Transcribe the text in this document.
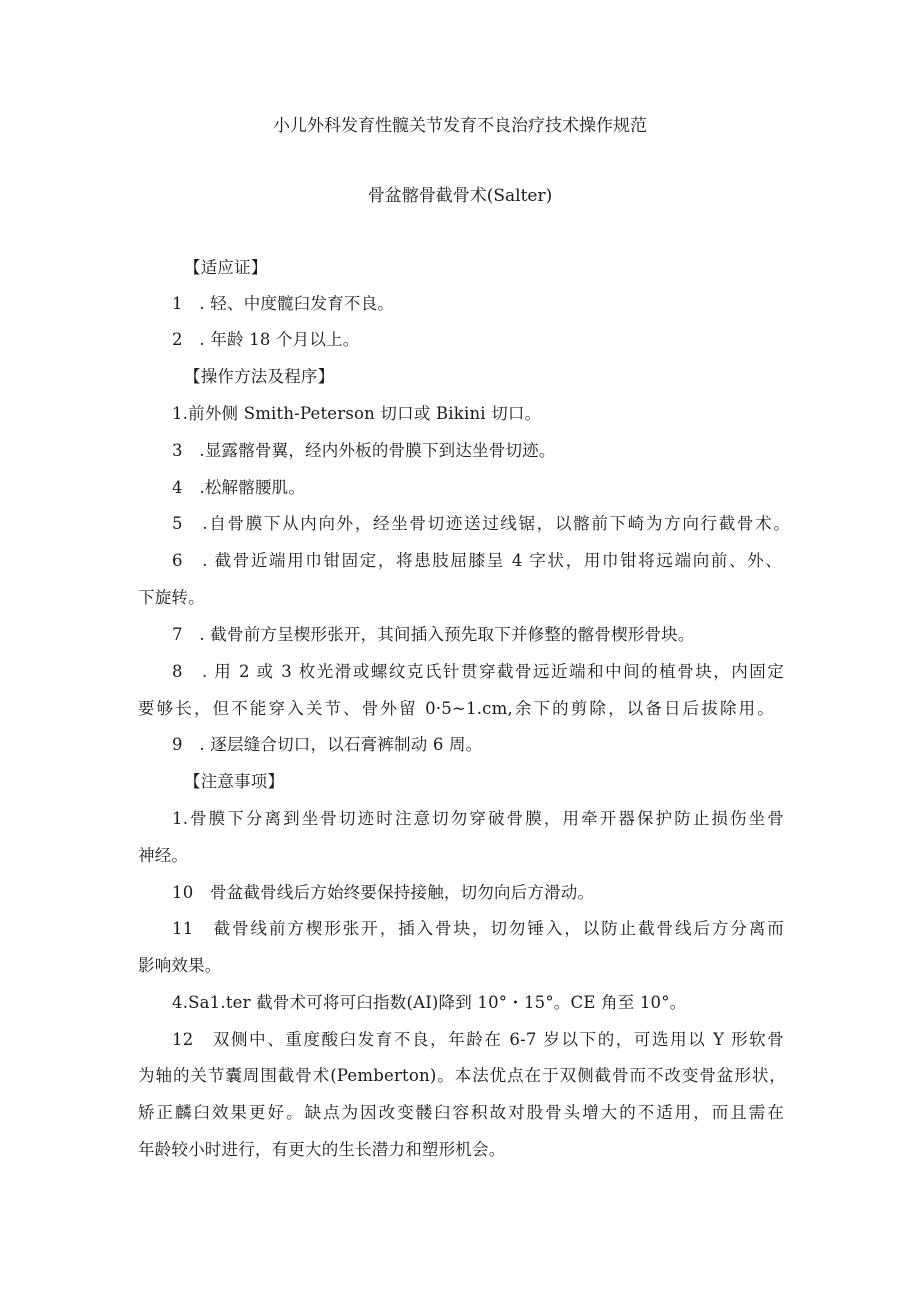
小儿外科发育性髋关节发育不良治疗技术操作规范
骨盆髂骨截骨术(Salter)
【适应证】
1　. 轻、中度髋臼发育不良。
2　. 年龄 18 个月以上。
【操作方法及程序】
1.前外侧 Smith-Peterson 切口或 Bikini 切口。
3　.显露髂骨翼，经内外板的骨膜下到达坐骨切迹。
4　.松解髂腰肌。
5　.自骨膜下从内向外，经坐骨切迹送过线锯，以髂前下崎为方向行截骨术。
6　. 截骨近端用巾钳固定，将患肢屈膝呈 4 字状，用巾钳将远端向前、外、
下旋转。
7　. 截骨前方呈楔形张开，其间插入预先取下并修整的髂骨楔形骨块。
8　. 用 2 或 3 枚光滑或螺纹克氏针贯穿截骨远近端和中间的植骨块，内固定
要够长，但不能穿入关节、骨外留 0·5~1.cm,余下的剪除，以备日后拔除用。
9　. 逐层缝合切口，以石膏裤制动 6 周。
【注意事项】
1.骨膜下分离到坐骨切迹时注意切勿穿破骨膜，用牵开器保护防止损伤坐骨
神经。
10　骨盆截骨线后方始终要保持接触，切勿向后方滑动。
11　截骨线前方楔形张开，插入骨块，切勿锤入，以防止截骨线后方分离而
影响效果。
4.Sa1.ter 截骨术可将可臼指数(AI)降到 10°・15°。CE 角至 10°。
12　双侧中、重度酸臼发育不良，年龄在 6-7 岁以下的，可选用以 Y 形软骨
为轴的关节囊周围截骨术(Pemberton)。本法优点在于双侧截骨而不改变骨盆形状，
矫正麟臼效果更好。缺点为因改变髅臼容积故对股骨头增大的不适用，而且需在
年龄较小时进行，有更大的生长潜力和塑形机会。
